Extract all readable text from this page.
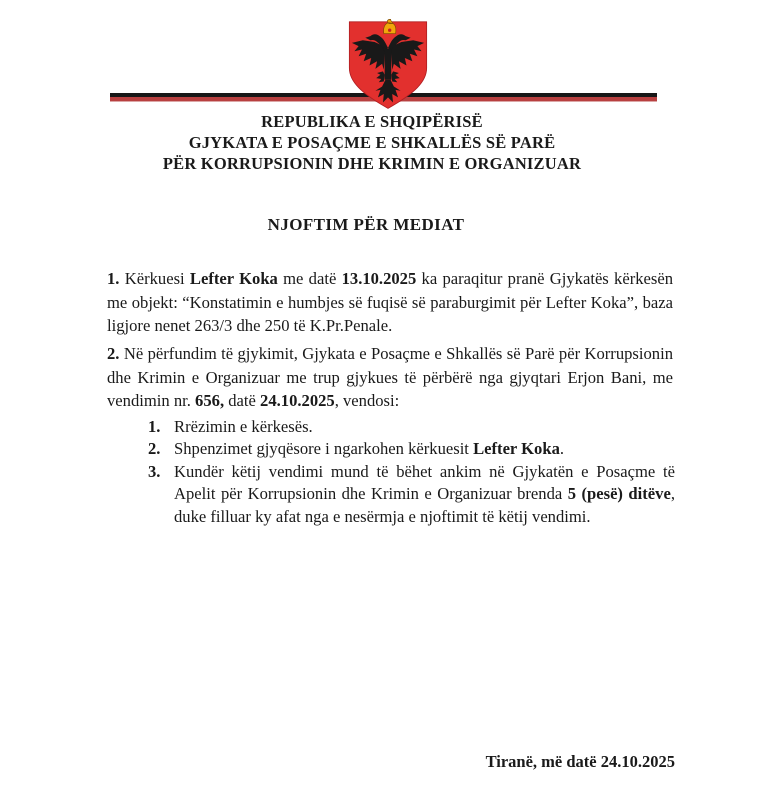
REPUBLIKA E SHQIPËRISË
GJYKATA E POSAÇME E SHKALLËS SË PARË
PËR KORRUPSIONIN DHE KRIMIN E ORGANIZUAR
NJOFTIM PËR MEDIAT

1. Kërkuesi Lefter Koka me datë 13.10.2025 ka paraqitur pranë Gjykatës kërkesën me objekt: “Konstatimin e humbjes së fuqisë së paraburgimit për Lefter Koka”, baza ligjore nenet 263/3 dhe 250 të K.Pr.Penale.

2. Në përfundim të gjykimit, Gjykata e Posaçme e Shkallës së Parë për Korrupsionin dhe Krimin e Organizuar me trup gjykues të përbërë nga gjyqtari Erjon Bani, me vendimin nr. 656, datë 24.10.2025, vendosi:

1. Rrëzimin e kërkesës.
2. Shpenzimet gjyqësore i ngarkohen kërkuesit Lefter Koka.
3. Kundër këtij vendimi mund të bëhet ankim në Gjykatën e Posaçme të Apelit për Korrupsionin dhe Krimin e Organizuar brenda 5 (pesë) ditëve, duke filluar ky afat nga e nesërmja e njoftimit të këtij vendimi.
Tiranë, më datë 24.10.2025
